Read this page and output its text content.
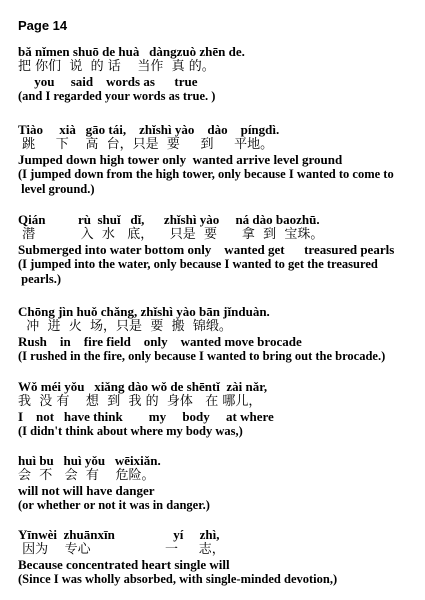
Page 14
bǎ nǐmen shuō de huà   dàngzuò zhēn de.
把 你们  说  的 话    当作  真 的。
you     said    words as      true
(and I regarded your words as true. )
Tiào     xià   gāo tái,    zhǐshì yào    dào    píngdì.
跳     下    高  台，只是  要     到     平地。
Jumped down high tower only  wanted arrive level ground
(I jumped down from the high tower, only because I wanted to come to
level ground.)
Qián          rù  shuǐ   dǐ,      zhǐshì yào     ná dào baozhū.
潜           入  水   底，    只是  要      拿  到  宝珠。
Submerged into water bottom only    wanted get      treasured pearls
(I jumped into the water, only because I wanted to get the treasured
pearls.)
Chōng jìn huǒ chǎng, zhǐshì yào bān jǐnduàn.
冲  进  火  场，只是  要  搬  锦缎。
Rush    in    fire field    only    wanted move brocade
(I rushed in the fire, only because I wanted to bring out the brocade.)
Wǒ méi yǒu   xiǎng dào wǒ de shēntǐ  zài nǎr,
我  没 有    想  到  我 的  身体   在 哪儿，
I    not   have think        my     body     at where
(I didn't think about where my body was,)
huì bu   huì yǒu   wēixiǎn.
会  不   会  有    危险。
will not will have danger
(or whether or not it was in danger.)
Yīnwèi  zhuānxīn                  yí     zhì,
因为    专心                  一     志，
Because concentrated heart single will
(Since I was wholly absorbed, with single-minded devotion,)
